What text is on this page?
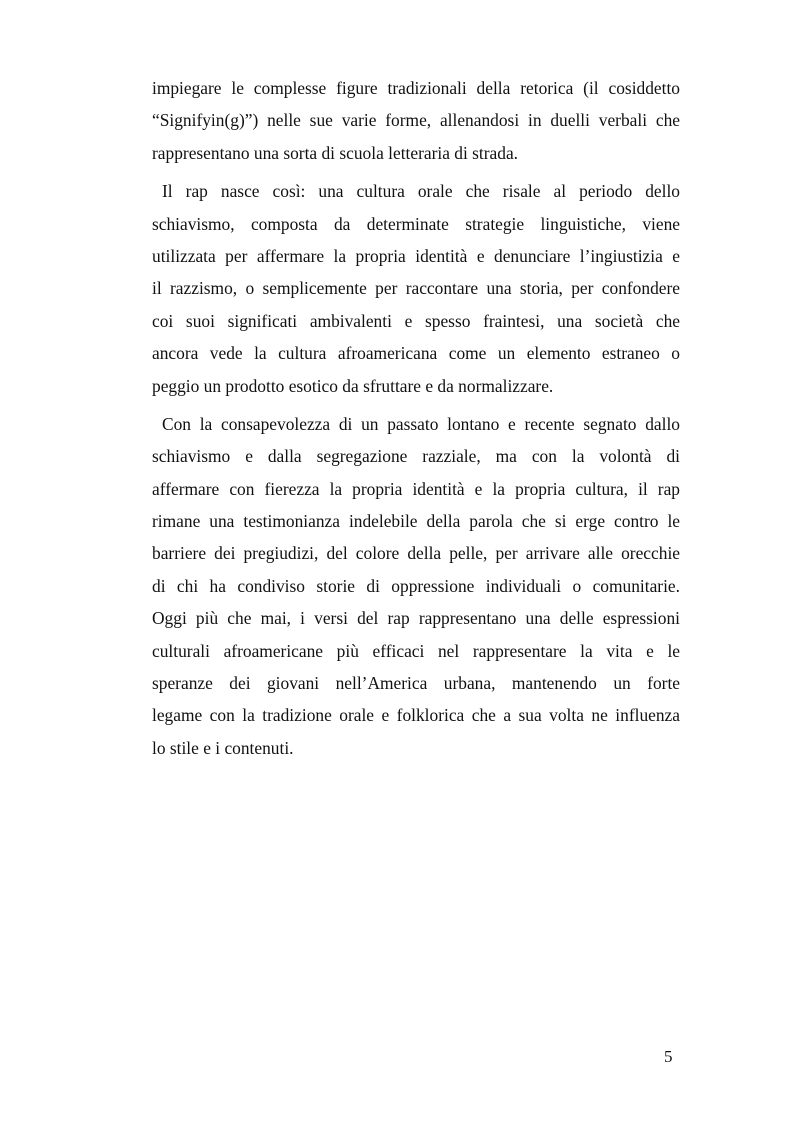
impiegare le complesse figure tradizionali della retorica (il cosiddetto
“Signifyin(g)”) nelle sue varie forme, allenandosi in duelli verbali che
rappresentano una sorta di scuola letteraria di strada.
Il rap nasce così: una cultura orale che risale al periodo dello
schiavismo, composta da determinate strategie linguistiche, viene
utilizzata per affermare la propria identità e denunciare l’ingiustizia e
il razzismo, o semplicemente per raccontare una storia, per confondere
coi suoi significati ambivalenti e spesso fraintesi, una società che
ancora vede la cultura afroamericana come un elemento estraneo o
peggio un prodotto esotico da sfruttare e da normalizzare.
Con la consapevolezza di un passato lontano e recente segnato dallo
schiavismo e dalla segregazione razziale, ma con la volontà di
affermare con fierezza la propria identità e la propria cultura, il rap
rimane una testimonianza indelebile della parola che si erge contro le
barriere dei pregiudizi, del colore della pelle, per arrivare alle orecchie
di chi ha condiviso storie di oppressione individuali o comunitarie.
Oggi più che mai, i versi del rap rappresentano una delle espressioni
culturali afroamericane più efficaci nel rappresentare la vita e le
speranze dei giovani nell’America urbana, mantenendo un forte
legame con la tradizione orale e folklorica che a sua volta ne influenza
lo stile e i contenuti.
5
